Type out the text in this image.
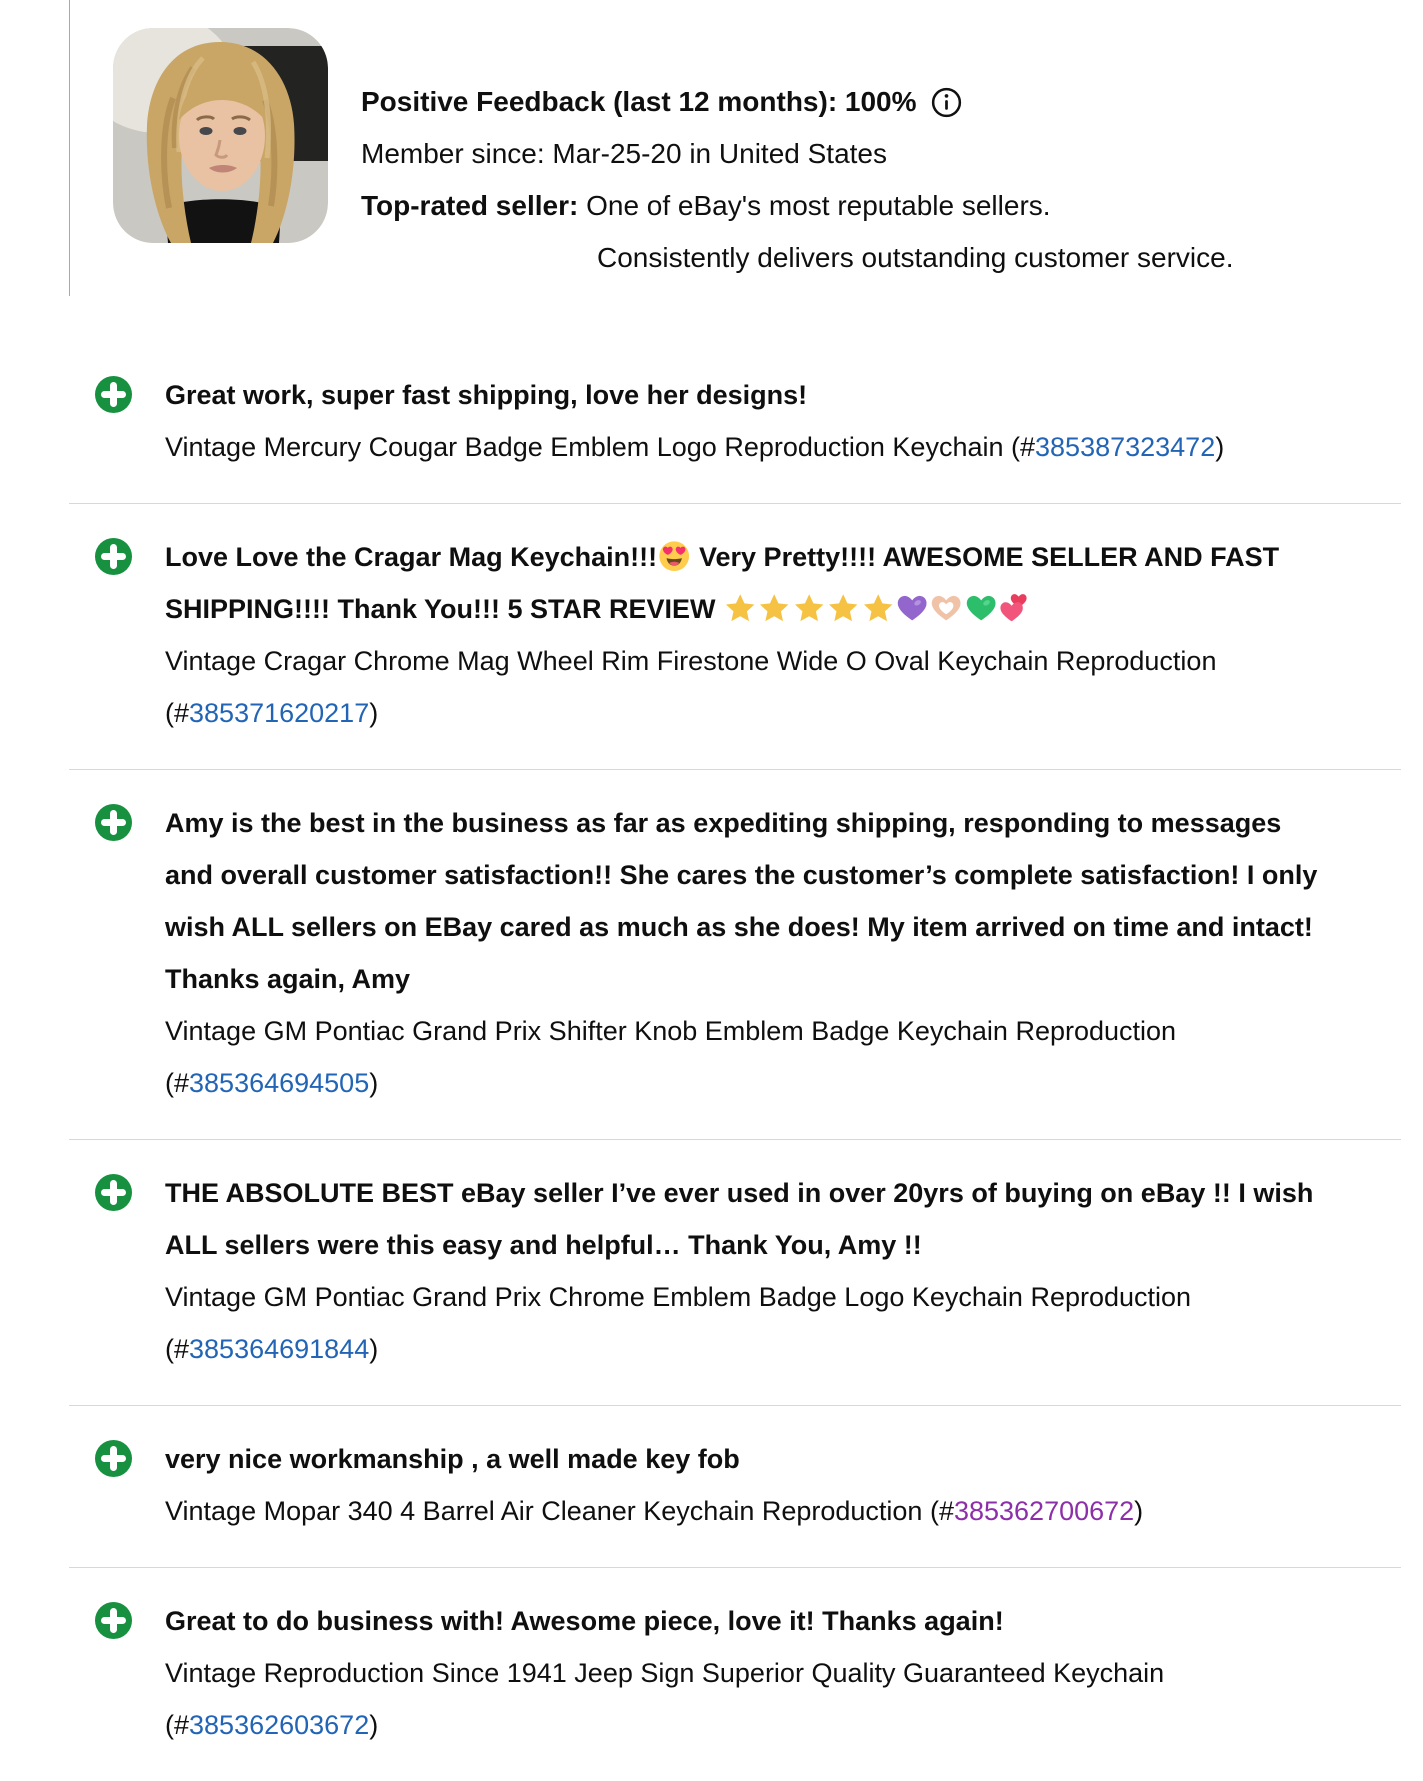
Positive Feedback (last 12 months): 100%
Member since: Mar-25-20 in United States
Top-rated seller: One of eBay's most reputable sellers.
Consistently delivers outstanding customer service.
Great work, super fast shipping, love her designs!
Vintage Mercury Cougar Badge Emblem Logo Reproduction Keychain (#385387323472)
Love Love the Cragar Mag Keychain!!!
Very Pretty!!!! AWESOME SELLER AND FAST SHIPPING!!!! Thank You!!! 5 STAR REVIEW
Vintage Cragar Chrome Mag Wheel Rim Firestone Wide O Oval Keychain Reproduction (#385371620217)
Amy is the best in the business as far as expediting shipping, responding to messages and overall customer satisfaction!! She cares the customer’s complete satisfaction! I only wish ALL sellers on EBay cared as much as she does! My item arrived on time and intact! Thanks again, Amy
Vintage GM Pontiac Grand Prix Shifter Knob Emblem Badge Keychain Reproduction (#385364694505)
THE ABSOLUTE BEST eBay seller I’ve ever used in over 20yrs of buying on eBay !! I wish ALL sellers were this easy and helpful… Thank You, Amy !!
Vintage GM Pontiac Grand Prix Chrome Emblem Badge Logo Keychain Reproduction (#385364691844)
very nice workmanship , a well made key fob
Vintage Mopar 340 4 Barrel Air Cleaner Keychain Reproduction (#385362700672)
Great to do business with! Awesome piece, love it! Thanks again!
Vintage Reproduction Since 1941 Jeep Sign Superior Quality Guaranteed Keychain (#385362603672)
